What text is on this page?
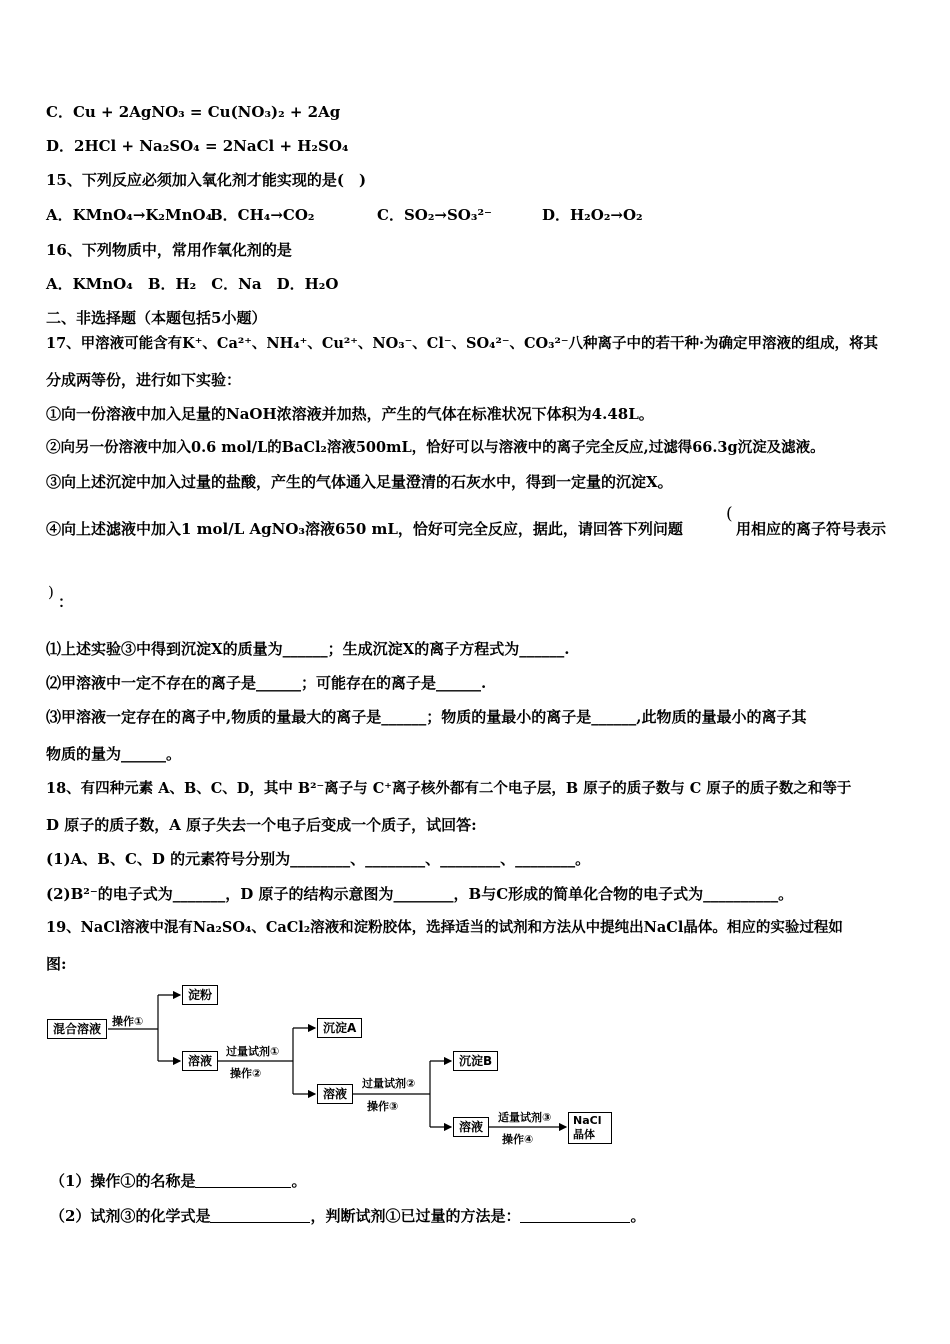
C．Cu + 2AgNO₃ = Cu(NO₃)₂ + 2Ag
D．2HCl + Na₂SO₄ = 2NaCl + H₂SO₄
15、下列反应必须加入氧化剂才能实现的是(　)
A．KMnO₄→K₂MnO₄
B．CH₄→CO₂	C．SO₂→SO₃²⁻	D．H₂O₂→O₂
16、下列物质中，常用作氧化剂的是
A．KMnO₄　B．H₂　C．Na　D．H₂O
二、非选择题（本题包括5小题）
17、甲溶液可能含有K⁺、Ca²⁺、NH₄⁺、Cu²⁺、NO₃⁻、Cl⁻、SO₄²⁻、CO₃²⁻八种离子中的若干种·为确定甲溶液的组成，将其
分成两等份，进行如下实验：
①向一份溶液中加入足量的NaOH浓溶液并加热，产生的气体在标准状况下体积为4.48L。
②向另一份溶液中加入0.6 mol/L的BaCl₂溶液500mL，恰好可以与溶液中的离子完全反应,过滤得66.3g沉淀及滤液。
③向上述沉淀中加入过量的盐酸，产生的气体通入足量澄清的石灰水中，得到一定量的沉淀X。
④向上述滤液中加入1 mol/L AgNO₃溶液650 mL，恰好可完全反应，据此，请回答下列问题
(
用相应的离子符号表示
)
：
⑴上述实验③中得到沉淀X的质量为______；生成沉淀X的离子方程式为______.
⑵甲溶液中一定不存在的离子是______；可能存在的离子是______.
⑶甲溶液一定存在的离子中,物质的量最大的离子是______；物质的量最小的离子是______,此物质的量最小的离子其
物质的量为______。
18、有四种元素 A、B、C、D，其中 B²⁻离子与 C⁺离子核外都有二个电子层，B 原子的质子数与 C 原子的质子数之和等于
D 原子的质子数，A 原子失去一个电子后变成一个质子，试回答:
(1)A、B、C、D 的元素符号分别为________、________、________、________。
(2)B²⁻的电子式为_______，D 原子的结构示意图为________，B与C形成的简单化合物的电子式为__________。
19、NaCl溶液中混有Na₂SO₄、CaCl₂溶液和淀粉胶体，选择适当的试剂和方法从中提纯出NaCl晶体。相应的实验过程如
图:
混合溶液
操作①
淀粉
溶液
过量试剂①
操作②
沉淀A
溶液
过量试剂②
操作③
沉淀B
溶液
适量试剂③
操作④
NaCl
晶体
（1）操作①的名称是	。
（2）试剂③的化学式是	，判断试剂①已过量的方法是：	。
